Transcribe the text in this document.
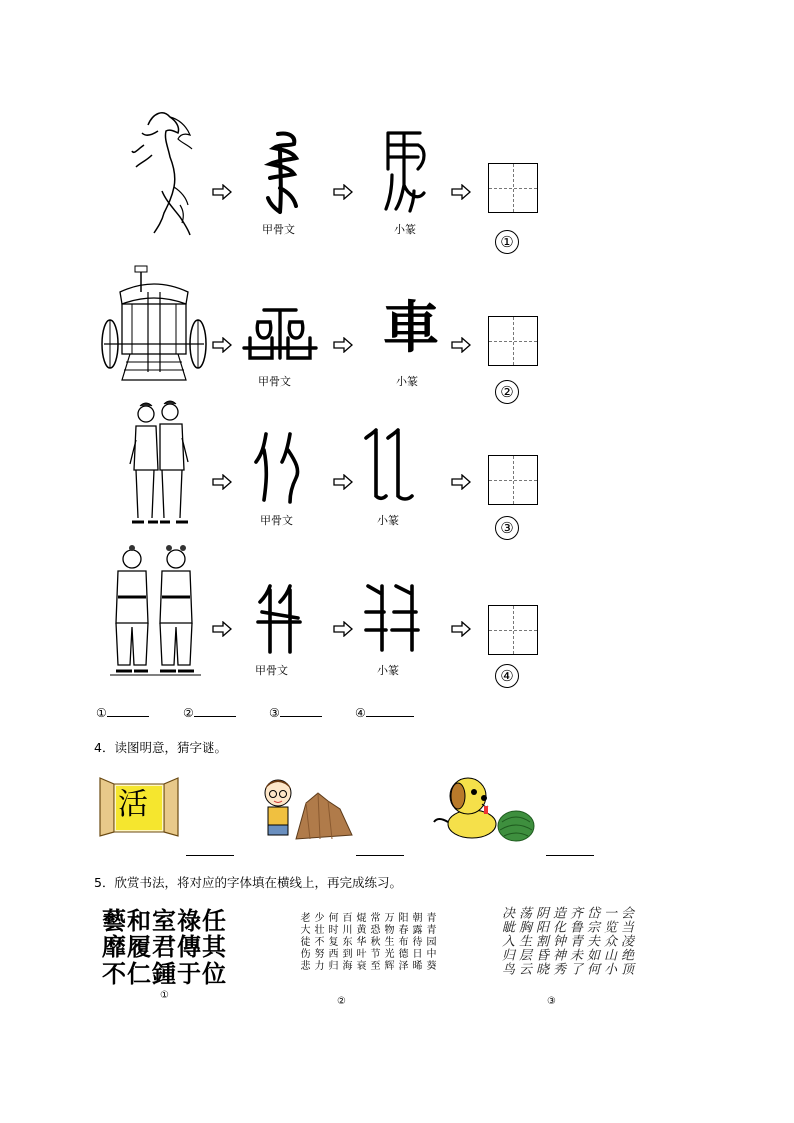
甲骨文	小篆
①
甲骨文
車
小篆
②
甲骨文	小篆	③
甲骨文	小篆	④
①	②	③	④
4．读图明意，猜字谜。
活
5．欣赏书法，将对应的字体填在横线上，再完成练习。
藝和室祿任
靡履君傳其
不仁鍾于位
①
青青园中葵
朝露待日晞
阳春布德泽
万物生光辉
常恐秋节至
焜黄华叶衰
百川东到海
何时复西归
少壮不努力
老大徒伤悲
②
会当凌绝顶
一览众山小
岱宗夫如何
齐鲁青未了
造化钟神秀
阴阳割昏晓
荡胸生层云
决眦入归鸟
③
